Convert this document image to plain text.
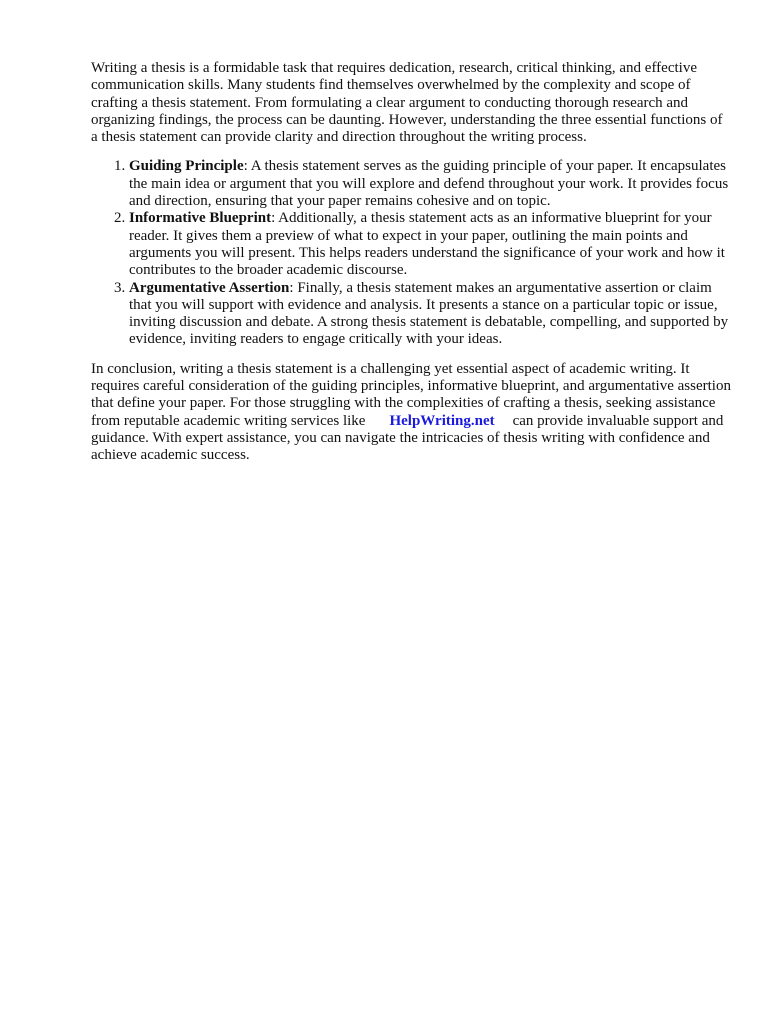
Writing a thesis is a formidable task that requires dedication, research, critical thinking, and effective communication skills. Many students find themselves overwhelmed by the complexity and scope of crafting a thesis statement. From formulating a clear argument to conducting thorough research and organizing findings, the process can be daunting. However, understanding the three essential functions of a thesis statement can provide clarity and direction throughout the writing process.

1. Guiding Principle: A thesis statement serves as the guiding principle of your paper. It encapsulates the main idea or argument that you will explore and defend throughout your work. It provides focus and direction, ensuring that your paper remains cohesive and on topic.
2. Informative Blueprint: Additionally, a thesis statement acts as an informative blueprint for your reader. It gives them a preview of what to expect in your paper, outlining the main points and arguments you will present. This helps readers understand the significance of your work and how it contributes to the broader academic discourse.
3. Argumentative Assertion: Finally, a thesis statement makes an argumentative assertion or claim that you will support with evidence and analysis. It presents a stance on a particular topic or issue, inviting discussion and debate. A strong thesis statement is debatable, compelling, and supported by evidence, inviting readers to engage critically with your ideas.

In conclusion, writing a thesis statement is a challenging yet essential aspect of academic writing. It requires careful consideration of the guiding principles, informative blueprint, and argumentative assertion that define your paper. For those struggling with the complexities of crafting a thesis, seeking assistance from reputable academic writing services like HelpWriting.net can provide invaluable support and guidance. With expert assistance, you can navigate the intricacies of thesis writing with confidence and achieve academic success.
